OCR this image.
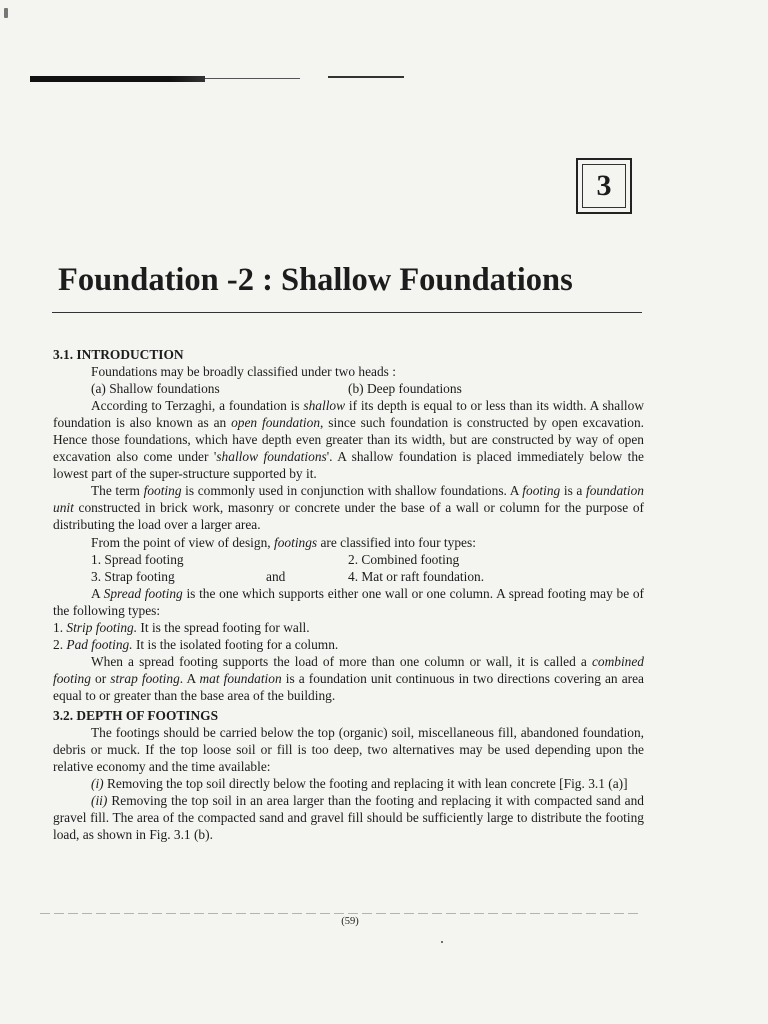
3
Foundation -2 : Shallow Foundations

3.1. INTRODUCTION

Foundations may be broadly classified under two heads :

(a) Shallow foundations	(b) Deep foundations

According to Terzaghi, a foundation is shallow if its depth is equal to or less than its width. A shallow foundation is also known as an open foundation, since such foundation is constructed by open excavation. Hence those foundations, which have depth even greater than its width, but are constructed by way of open excavation also come under 'shallow foundations'. A shallow foundation is placed immediately below the lowest part of the super-structure supported by it.

The term footing is commonly used in conjunction with shallow foundations. A footing is a foundation unit constructed in brick work, masonry or concrete under the base of a wall or column for the purpose of distributing the load over a larger area.

From the point of view of design, footings are classified into four types:

1. Spread footing	2. Combined footing
3. Strap footing	and	4. Mat or raft foundation.

A Spread footing is the one which supports either one wall or one column. A spread footing may be of the following types:

1. Strip footing. It is the spread footing for wall.

2. Pad footing. It is the isolated footing for a column.

When a spread footing supports the load of more than one column or wall, it is called a combined footing or strap footing. A mat foundation is a foundation unit continuous in two directions covering an area equal to or greater than the base area of the building.

3.2. DEPTH OF FOOTINGS

The footings should be carried below the top (organic) soil, miscellaneous fill, abandoned foundation, debris or muck. If the top loose soil or fill is too deep, two alternatives may be used depending upon the relative economy and the time available:

(i) Removing the top soil directly below the footing and replacing it with lean concrete [Fig. 3.1 (a)]

(ii) Removing the top soil in an area larger than the footing and replacing it with compacted sand and gravel fill. The area of the compacted sand and gravel fill should be sufficiently large to distribute the footing load, as shown in Fig. 3.1 (b).

(59)
